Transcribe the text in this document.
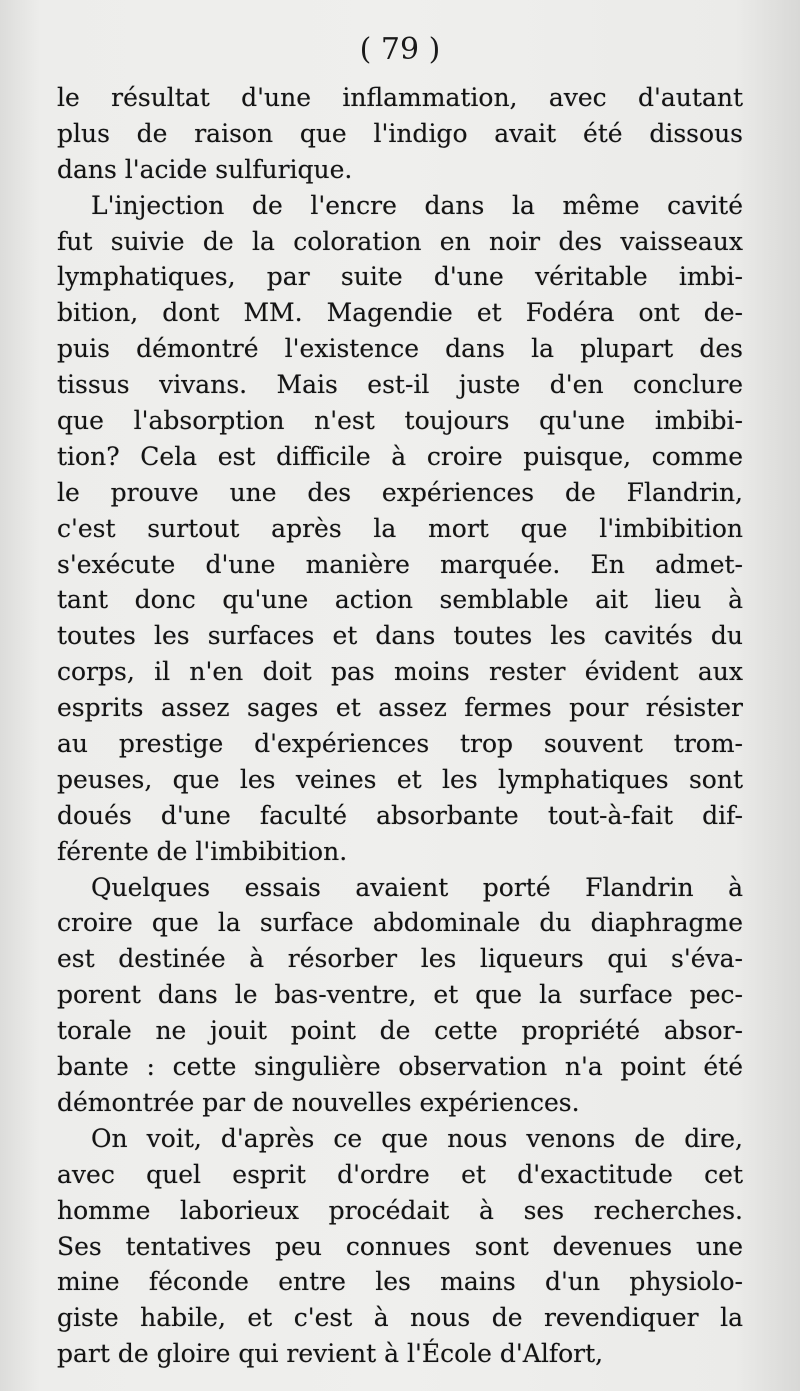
( 79 )
le résultat d'une inflammation, avec d'autant
plus de raison que l'indigo avait été dissous
dans l'acide sulfurique.
L'injection de l'encre dans la même cavité
fut suivie de la coloration en noir des vaisseaux
lymphatiques, par suite d'une véritable imbi-
bition, dont MM. Magendie et Fodéra ont de-
puis démontré l'existence dans la plupart des
tissus vivans. Mais est-il juste d'en conclure
que l'absorption n'est toujours qu'une imbibi-
tion? Cela est difficile à croire puisque, comme
le prouve une des expériences de Flandrin,
c'est surtout après la mort que l'imbibition
s'exécute d'une manière marquée. En admet-
tant donc qu'une action semblable ait lieu à
toutes les surfaces et dans toutes les cavités du
corps, il n'en doit pas moins rester évident aux
esprits assez sages et assez fermes pour résister
au prestige d'expériences trop souvent trom-
peuses, que les veines et les lymphatiques sont
doués d'une faculté absorbante tout-à-fait dif-
férente de l'imbibition.
Quelques essais avaient porté Flandrin à
croire que la surface abdominale du diaphragme
est destinée à résorber les liqueurs qui s'éva-
porent dans le bas-ventre, et que la surface pec-
torale ne jouit point de cette propriété absor-
bante : cette singulière observation n'a point été
démontrée par de nouvelles expériences.
On voit, d'après ce que nous venons de dire,
avec quel esprit d'ordre et d'exactitude cet
homme laborieux procédait à ses recherches.
Ses tentatives peu connues sont devenues une
mine féconde entre les mains d'un physiolo-
giste habile, et c'est à nous de revendiquer la
part de gloire qui revient à l'École d'Alfort,
